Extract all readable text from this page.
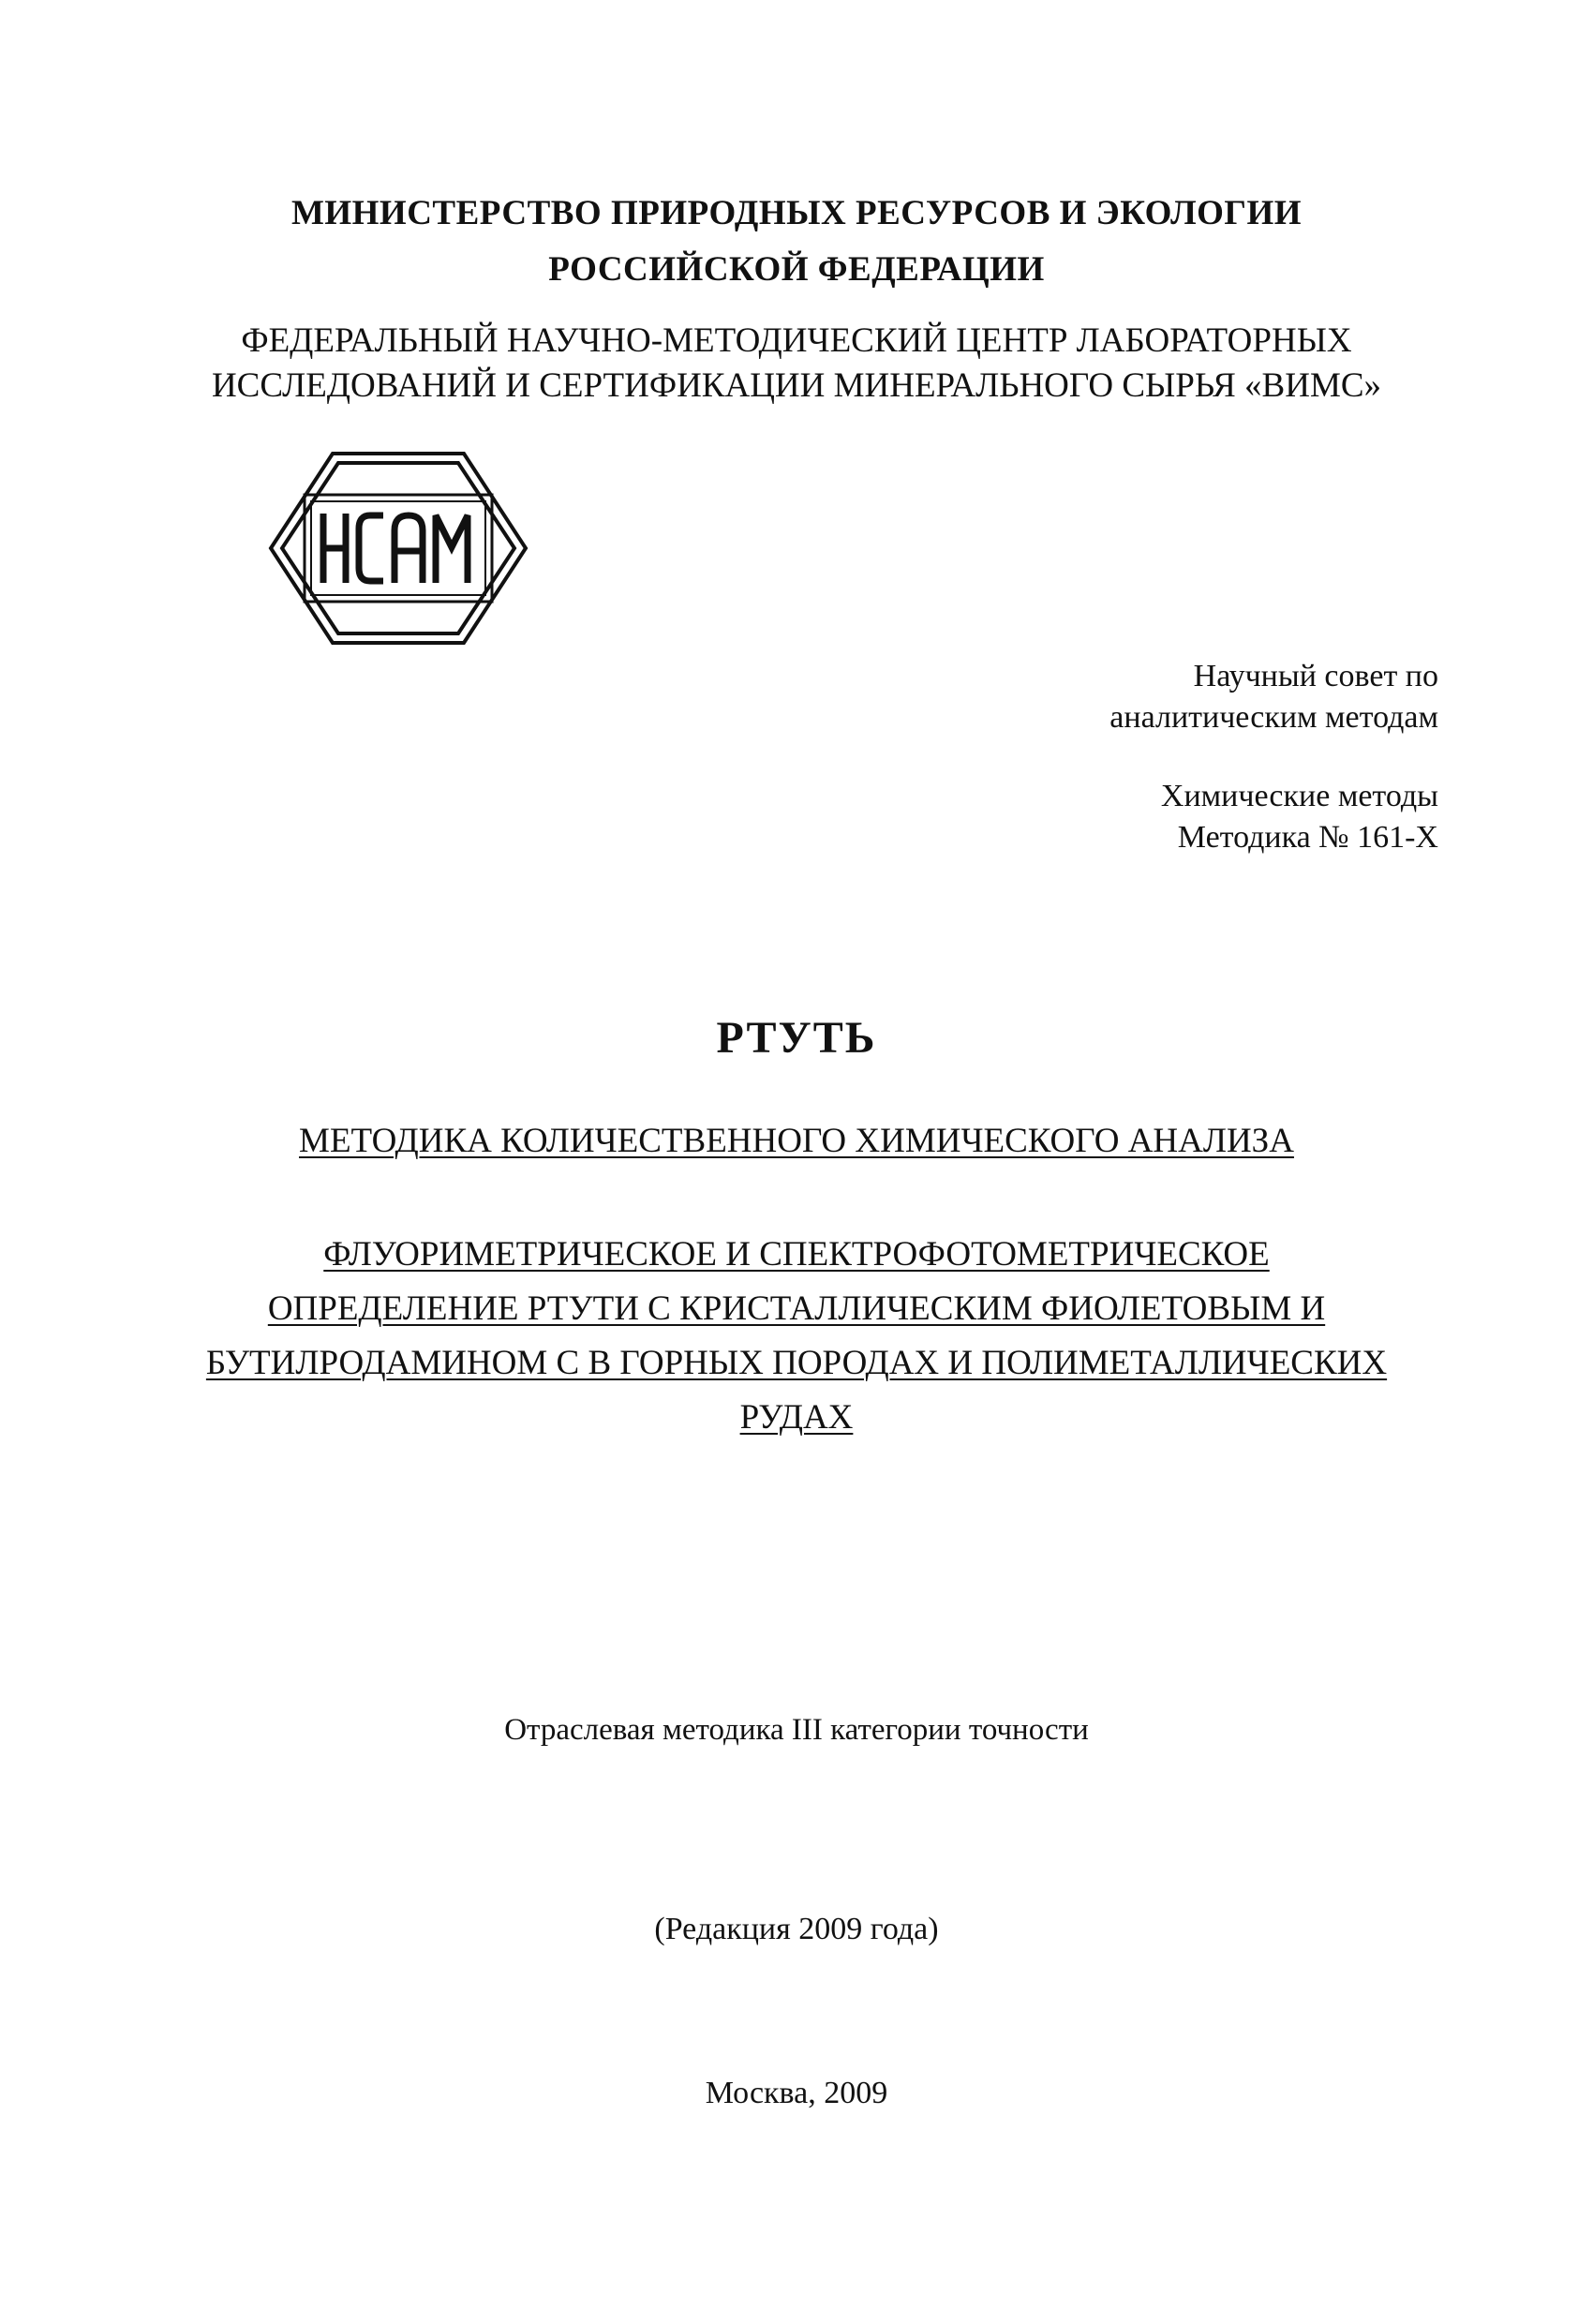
МИНИСТЕРСТВО ПРИРОДНЫХ РЕСУРСОВ И ЭКОЛОГИИ
РОССИЙСКОЙ ФЕДЕРАЦИИ
ФЕДЕРАЛЬНЫЙ НАУЧНО-МЕТОДИЧЕСКИЙ ЦЕНТР ЛАБОРАТОРНЫХ
ИССЛЕДОВАНИЙ И СЕРТИФИКАЦИИ МИНЕРАЛЬНОГО СЫРЬЯ «ВИМС»
Научный совет по
аналитическим методам
Химические методы
Методика № 161-Х
РТУТЬ
МЕТОДИКА КОЛИЧЕСТВЕННОГО ХИМИЧЕСКОГО АНАЛИЗА
ФЛУОРИМЕТРИЧЕСКОЕ И СПЕКТРОФОТОМЕТРИЧЕСКОЕ
ОПРЕДЕЛЕНИЕ РТУТИ С КРИСТАЛЛИЧЕСКИМ ФИОЛЕТОВЫМ И
БУТИЛРОДАМИНОМ С В ГОРНЫХ ПОРОДАХ И ПОЛИМЕТАЛЛИЧЕСКИХ
РУДАХ
Отраслевая методика III категории точности
(Редакция 2009 года)
Москва, 2009
